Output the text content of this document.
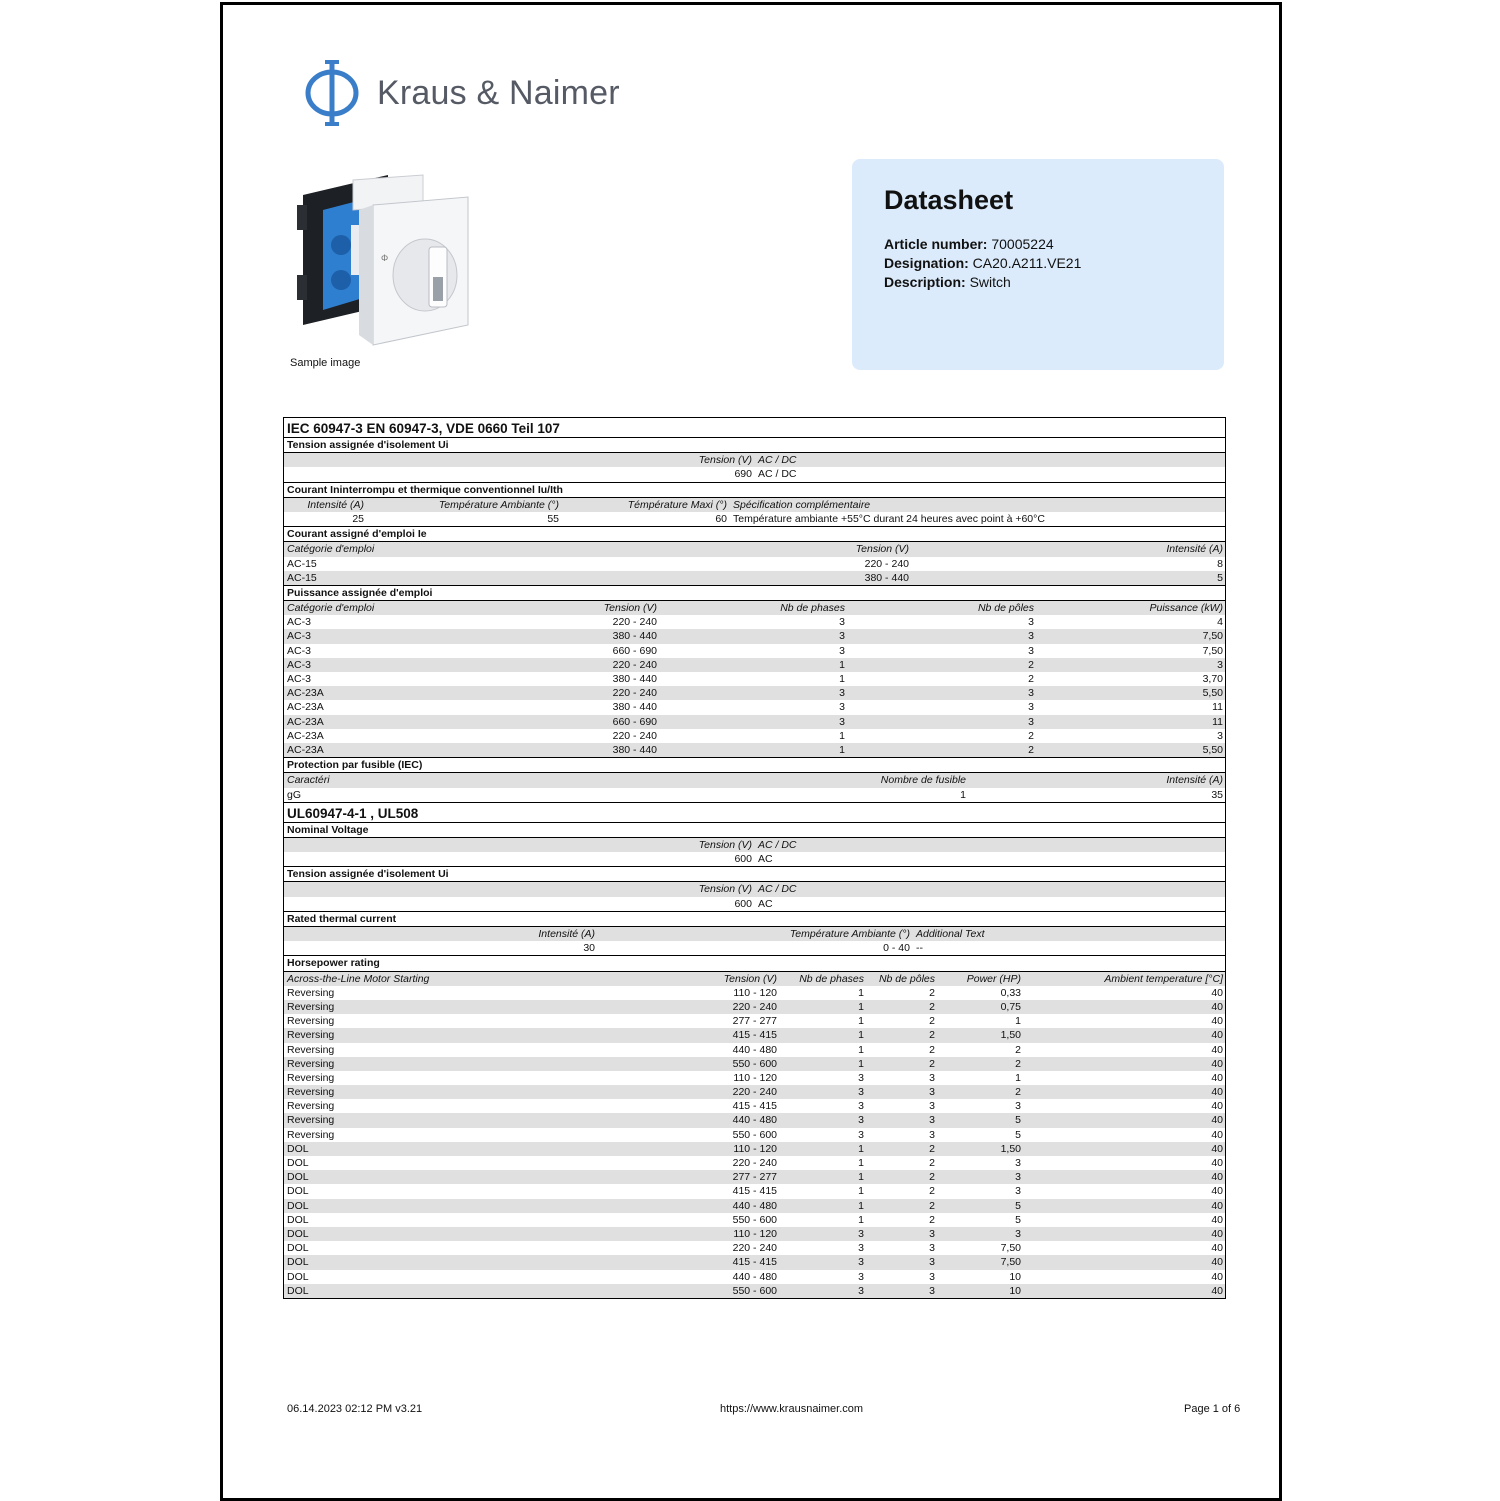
Kraus & Naimer
Φ
Sample image
Datasheet
Article number: 70005224
Designation: CA20.A211.VE21
Description: Switch
IEC 60947-3 EN 60947-3, VDE 0660 Teil 107
Tension assignée d'isolement Ui
Tension (V) AC / DC
690 AC / DC
Courant Ininterrompu et thermique conventionnel Iu/Ith
Intensité (A)	Température Ambiante (°)	Témpérature Maxi (°) Spécification complémentaire
25	55	60 Température ambiante +55°C durant 24 heures avec point à +60°C
Courant assigné d'emploi Ie
Catégorie d'emploi	Tension (V)	Intensité (A)
AC-15	220 - 240	8
AC-15	380 - 440	5
Puissance assignée d'emploi
Catégorie d'emploi	Tension (V)	Nb de phases	Nb de pôles	Puissance (kW)
AC-3	220 - 240	3	3	4
AC-3	380 - 440	3	3	7,50
AC-3	660 - 690	3	3	7,50
AC-3	220 - 240	1	2	3
AC-3	380 - 440	1	2	3,70
AC-23A	220 - 240	3	3	5,50
AC-23A	380 - 440	3	3	11
AC-23A	660 - 690	3	3	11
AC-23A	220 - 240	1	2	3
AC-23A	380 - 440	1	2	5,50
Protection par fusible (IEC)
Caractéri	Nombre de fusible	Intensité (A)
gG	1	35
UL60947-4-1 , UL508
Nominal Voltage
Tension (V) AC / DC
600 AC
Tension assignée d'isolement Ui
Tension (V) AC / DC
600 AC
Rated thermal current
Intensité (A)	Température Ambiante (°) Additional Text
30	0 - 40 --
Horsepower rating
Across-the-Line Motor Starting	Tension (V)	Nb de phases	Nb de pôles	Power (HP)	Ambient temperature [°C]
Reversing	110 - 120	1	2	0,33	40
Reversing	220 - 240	1	2	0,75	40
Reversing	277 - 277	1	2	1	40
Reversing	415 - 415	1	2	1,50	40
Reversing	440 - 480	1	2	2	40
Reversing	550 - 600	1	2	2	40
Reversing	110 - 120	3	3	1	40
Reversing	220 - 240	3	3	2	40
Reversing	415 - 415	3	3	3	40
Reversing	440 - 480	3	3	5	40
Reversing	550 - 600	3	3	5	40
DOL	110 - 120	1	2	1,50	40
DOL	220 - 240	1	2	3	40
DOL	277 - 277	1	2	3	40
DOL	415 - 415	1	2	3	40
DOL	440 - 480	1	2	5	40
DOL	550 - 600	1	2	5	40
DOL	110 - 120	3	3	3	40
DOL	220 - 240	3	3	7,50	40
DOL	415 - 415	3	3	7,50	40
DOL	440 - 480	3	3	10	40
DOL	550 - 600	3	3	10	40
06.14.2023 02:12 PM v3.21	https://www.krausnaimer.com	Page 1 of 6
